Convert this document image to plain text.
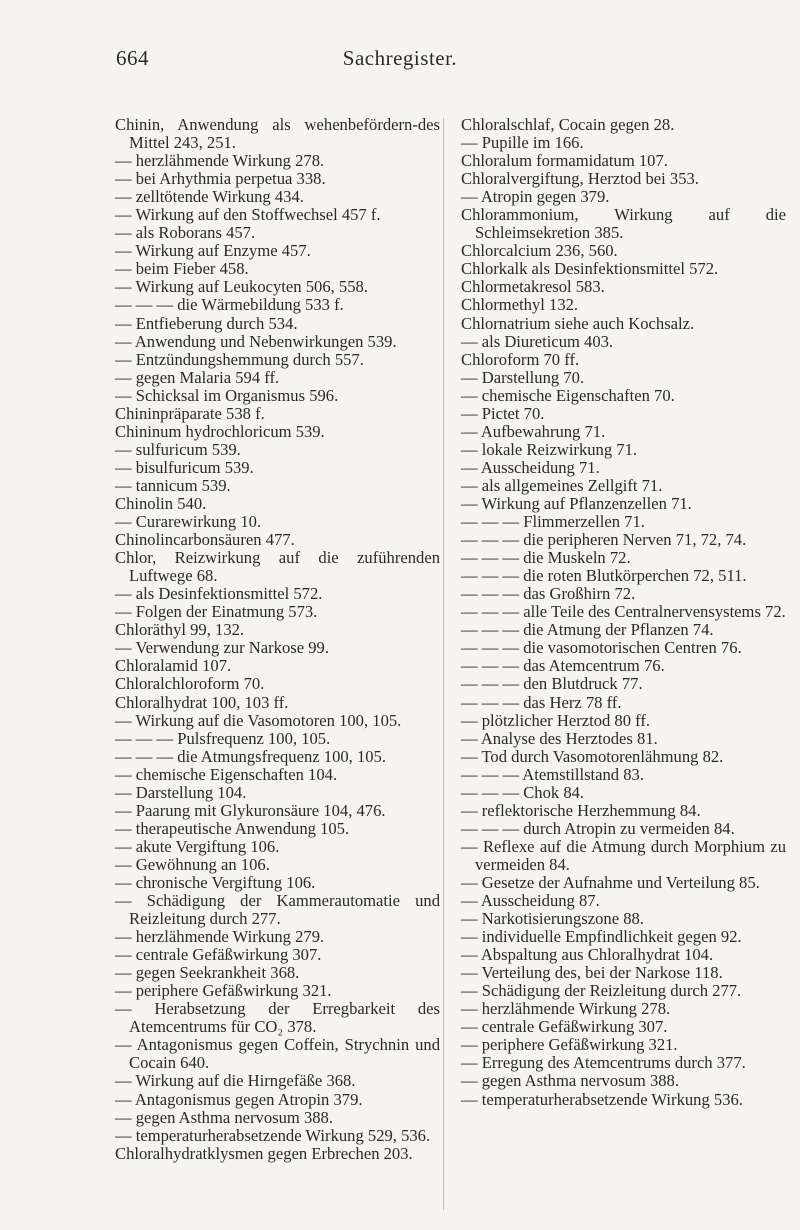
664	Sachregister.

Chinin, Anwendung als wehenbefördern-des Mittel 243, 251.

— herzlähmende Wirkung 278.

— bei Arhythmia perpetua 338.

— zelltötende Wirkung 434.

— Wirkung auf den Stoffwechsel 457 f.

— als Roborans 457.

— Wirkung auf Enzyme 457.

— beim Fieber 458.

— Wirkung auf Leukocyten 506, 558.

— — — die Wärmebildung 533 f.

— Entfieberung durch 534.

— Anwendung und Nebenwirkungen 539.

— Entzündungshemmung durch 557.

— gegen Malaria 594 ff.

— Schicksal im Organismus 596.

Chininpräparate 538 f.

Chininum hydrochloricum 539.

— sulfuricum 539.

— bisulfuricum 539.

— tannicum 539.

Chinolin 540.

— Curarewirkung 10.

Chinolincarbonsäuren 477.

Chlor, Reizwirkung auf die zuführenden Luftwege 68.

— als Desinfektionsmittel 572.

— Folgen der Einatmung 573.

Chloräthyl 99, 132.

— Verwendung zur Narkose 99.

Chloralamid 107.

Chloralchloroform 70.

Chloralhydrat 100, 103 ff.

— Wirkung auf die Vasomotoren 100, 105.

— — — Pulsfrequenz 100, 105.

— — — die Atmungsfrequenz 100, 105.

— chemische Eigenschaften 104.

— Darstellung 104.

— Paarung mit Glykuronsäure 104, 476.

— therapeutische Anwendung 105.

— akute Vergiftung 106.

— Gewöhnung an 106.

— chronische Vergiftung 106.

— Schädigung der Kammerautomatie und Reizleitung durch 277.

— herzlähmende Wirkung 279.

— centrale Gefäßwirkung 307.

— gegen Seekrankheit 368.

— periphere Gefäßwirkung 321.

— Herabsetzung der Erregbarkeit des Atemcentrums für CO₂ 378.

— Antagonismus gegen Coffein, Strychnin und Cocain 640.

— Wirkung auf die Hirngefäße 368.

— Antagonismus gegen Atropin 379.

— gegen Asthma nervosum 388.

— temperaturherabsetzende Wirkung 529, 536.

Chloralhydratklysmen gegen Erbrechen 203.

Chloralschlaf, Cocain gegen 28.

— Pupille im 166.

Chloralum formamidatum 107.

Chloralvergiftung, Herztod bei 353.

— Atropin gegen 379.

Chlorammonium, Wirkung auf die Schleimsekretion 385.

Chlorcalcium 236, 560.

Chlorkalk als Desinfektionsmittel 572.

Chlormetakresol 583.

Chlormethyl 132.

Chlornatrium siehe auch Kochsalz.

— als Diureticum 403.

Chloroform 70 ff.

— Darstellung 70.

— chemische Eigenschaften 70.

— Pictet 70.

— Aufbewahrung 71.

— lokale Reizwirkung 71.

— Ausscheidung 71.

— als allgemeines Zellgift 71.

— Wirkung auf Pflanzenzellen 71.

— — — Flimmerzellen 71.

— — — die peripheren Nerven 71, 72, 74.

— — — die Muskeln 72.

— — — die roten Blutkörperchen 72, 511.

— — — das Großhirn 72.

— — — alle Teile des Centralnervensystems 72.

— — — die Atmung der Pflanzen 74.

— — — die vasomotorischen Centren 76.

— — — das Atemcentrum 76.

— — — den Blutdruck 77.

— — — das Herz 78 ff.

— plötzlicher Herztod 80 ff.

— Analyse des Herztodes 81.

— Tod durch Vasomotorenlähmung 82.

— — — Atemstillstand 83.

— — — Chok 84.

— reflektorische Herzhemmung 84.

— — — durch Atropin zu vermeiden 84.

— Reflexe auf die Atmung durch Morphium zu vermeiden 84.

— Gesetze der Aufnahme und Verteilung 85.

— Ausscheidung 87.

— Narkotisierungszone 88.

— individuelle Empfindlichkeit gegen 92.

— Abspaltung aus Chloralhydrat 104.

— Verteilung des, bei der Narkose 118.

— Schädigung der Reizleitung durch 277.

— herzlähmende Wirkung 278.

— centrale Gefäßwirkung 307.

— periphere Gefäßwirkung 321.

— Erregung des Atemcentrums durch 377.

— gegen Asthma nervosum 388.

— temperaturherabsetzende Wirkung 536.
